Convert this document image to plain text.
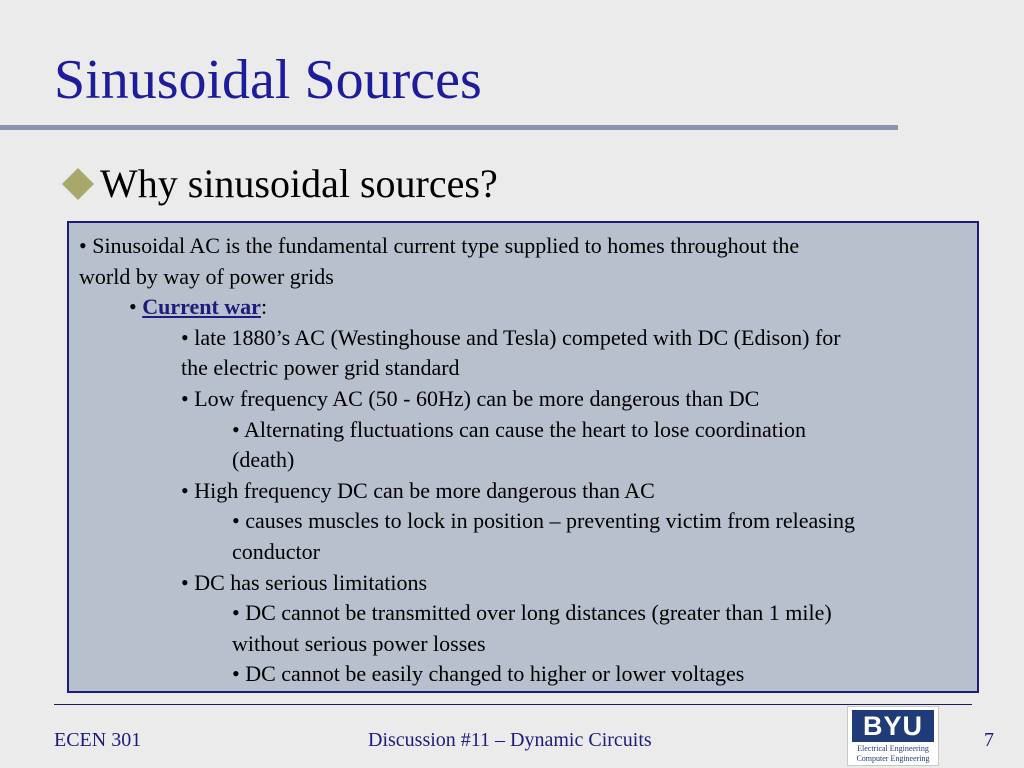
Sinusoidal Sources
Why sinusoidal sources?
• Sinusoidal AC is the fundamental current type supplied to homes throughout the
world by way of power grids
• Current war:
• late 1880’s AC (Westinghouse and Tesla) competed with DC (Edison) for
the electric power grid standard
• Low frequency AC (50 - 60Hz) can be more dangerous than DC
• Alternating fluctuations can cause the heart to lose coordination
(death)
• High frequency DC can be more dangerous than AC
• causes muscles to lock in position – preventing victim from releasing
conductor
• DC has serious limitations
• DC cannot be transmitted over long distances (greater than 1 mile)
without serious power losses
• DC cannot be easily changed to higher or lower voltages
ECEN 301	Discussion #11 – Dynamic Circuits	7
BYU
Electrical Engineering
Computer Engineering
